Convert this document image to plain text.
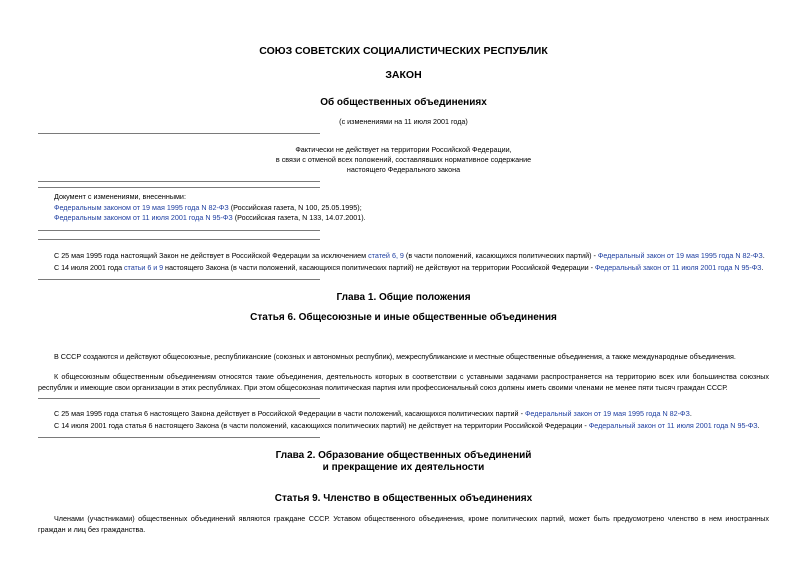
СОЮЗ СОВЕТСКИХ СОЦИАЛИСТИЧЕСКИХ РЕСПУБЛИК
ЗАКОН
Об общественных объединениях
(с изменениями на 11 июля 2001 года)
Фактически не действует на территории Российской Федерации,
в связи с отменой всех положений, составлявших нормативное содержание
настоящего Федерального закона
Документ с изменениями, внесенными:
Федеральным законом от 19 мая 1995 года N 82-ФЗ (Российская газета, N 100, 25.05.1995);
Федеральным законом от 11 июля 2001 года N 95-ФЗ (Российская газета, N 133, 14.07.2001).
С 25 мая 1995 года настоящий Закон не действует в Российской Федерации за исключением статей 6, 9 (в части положений, касающихся политических партий) - Федеральный закон от 19 мая 1995 года N 82-ФЗ.
С 14 июля 2001 года статьи 6 и 9 настоящего Закона (в части положений, касающихся политических партий) не действуют на территории Российской Федерации - Федеральный закон от 11 июля 2001 года N 95-ФЗ.
Глава 1. Общие положения
Статья 6. Общесоюзные и иные общественные объединения
В СССР создаются и действуют общесоюзные, республиканские (союзных и автономных республик), межреспубликанские и местные общественные объединения, а также международные объединения.
К общесоюзным общественным объединениям относятся такие объединения, деятельность которых в соответствии с уставными задачами распространяется на территорию всех или большинства союзных республик и имеющие свои организации в этих республиках. При этом общесоюзная политическая партия или профессиональный союз должны иметь своими членами не менее пяти тысяч граждан СССР.
С 25 мая 1995 года статья 6 настоящего Закона действует в Российской Федерации в части положений, касающихся политических партий - Федеральный закон от 19 мая 1995 года N 82-ФЗ.
С 14 июля 2001 года статья 6 настоящего Закона (в части положений, касающихся политических партий) не действует на территории Российской Федерации - Федеральный закон от 11 июля 2001 года N 95-ФЗ.
Глава 2. Образование общественных объединений
и прекращение их деятельности
Статья 9. Членство в общественных объединениях
Членами (участниками) общественных объединений являются граждане СССР. Уставом общественного объединения, кроме политических партий, может быть предусмотрено членство в нем иностранных граждан и лиц без гражданства.
